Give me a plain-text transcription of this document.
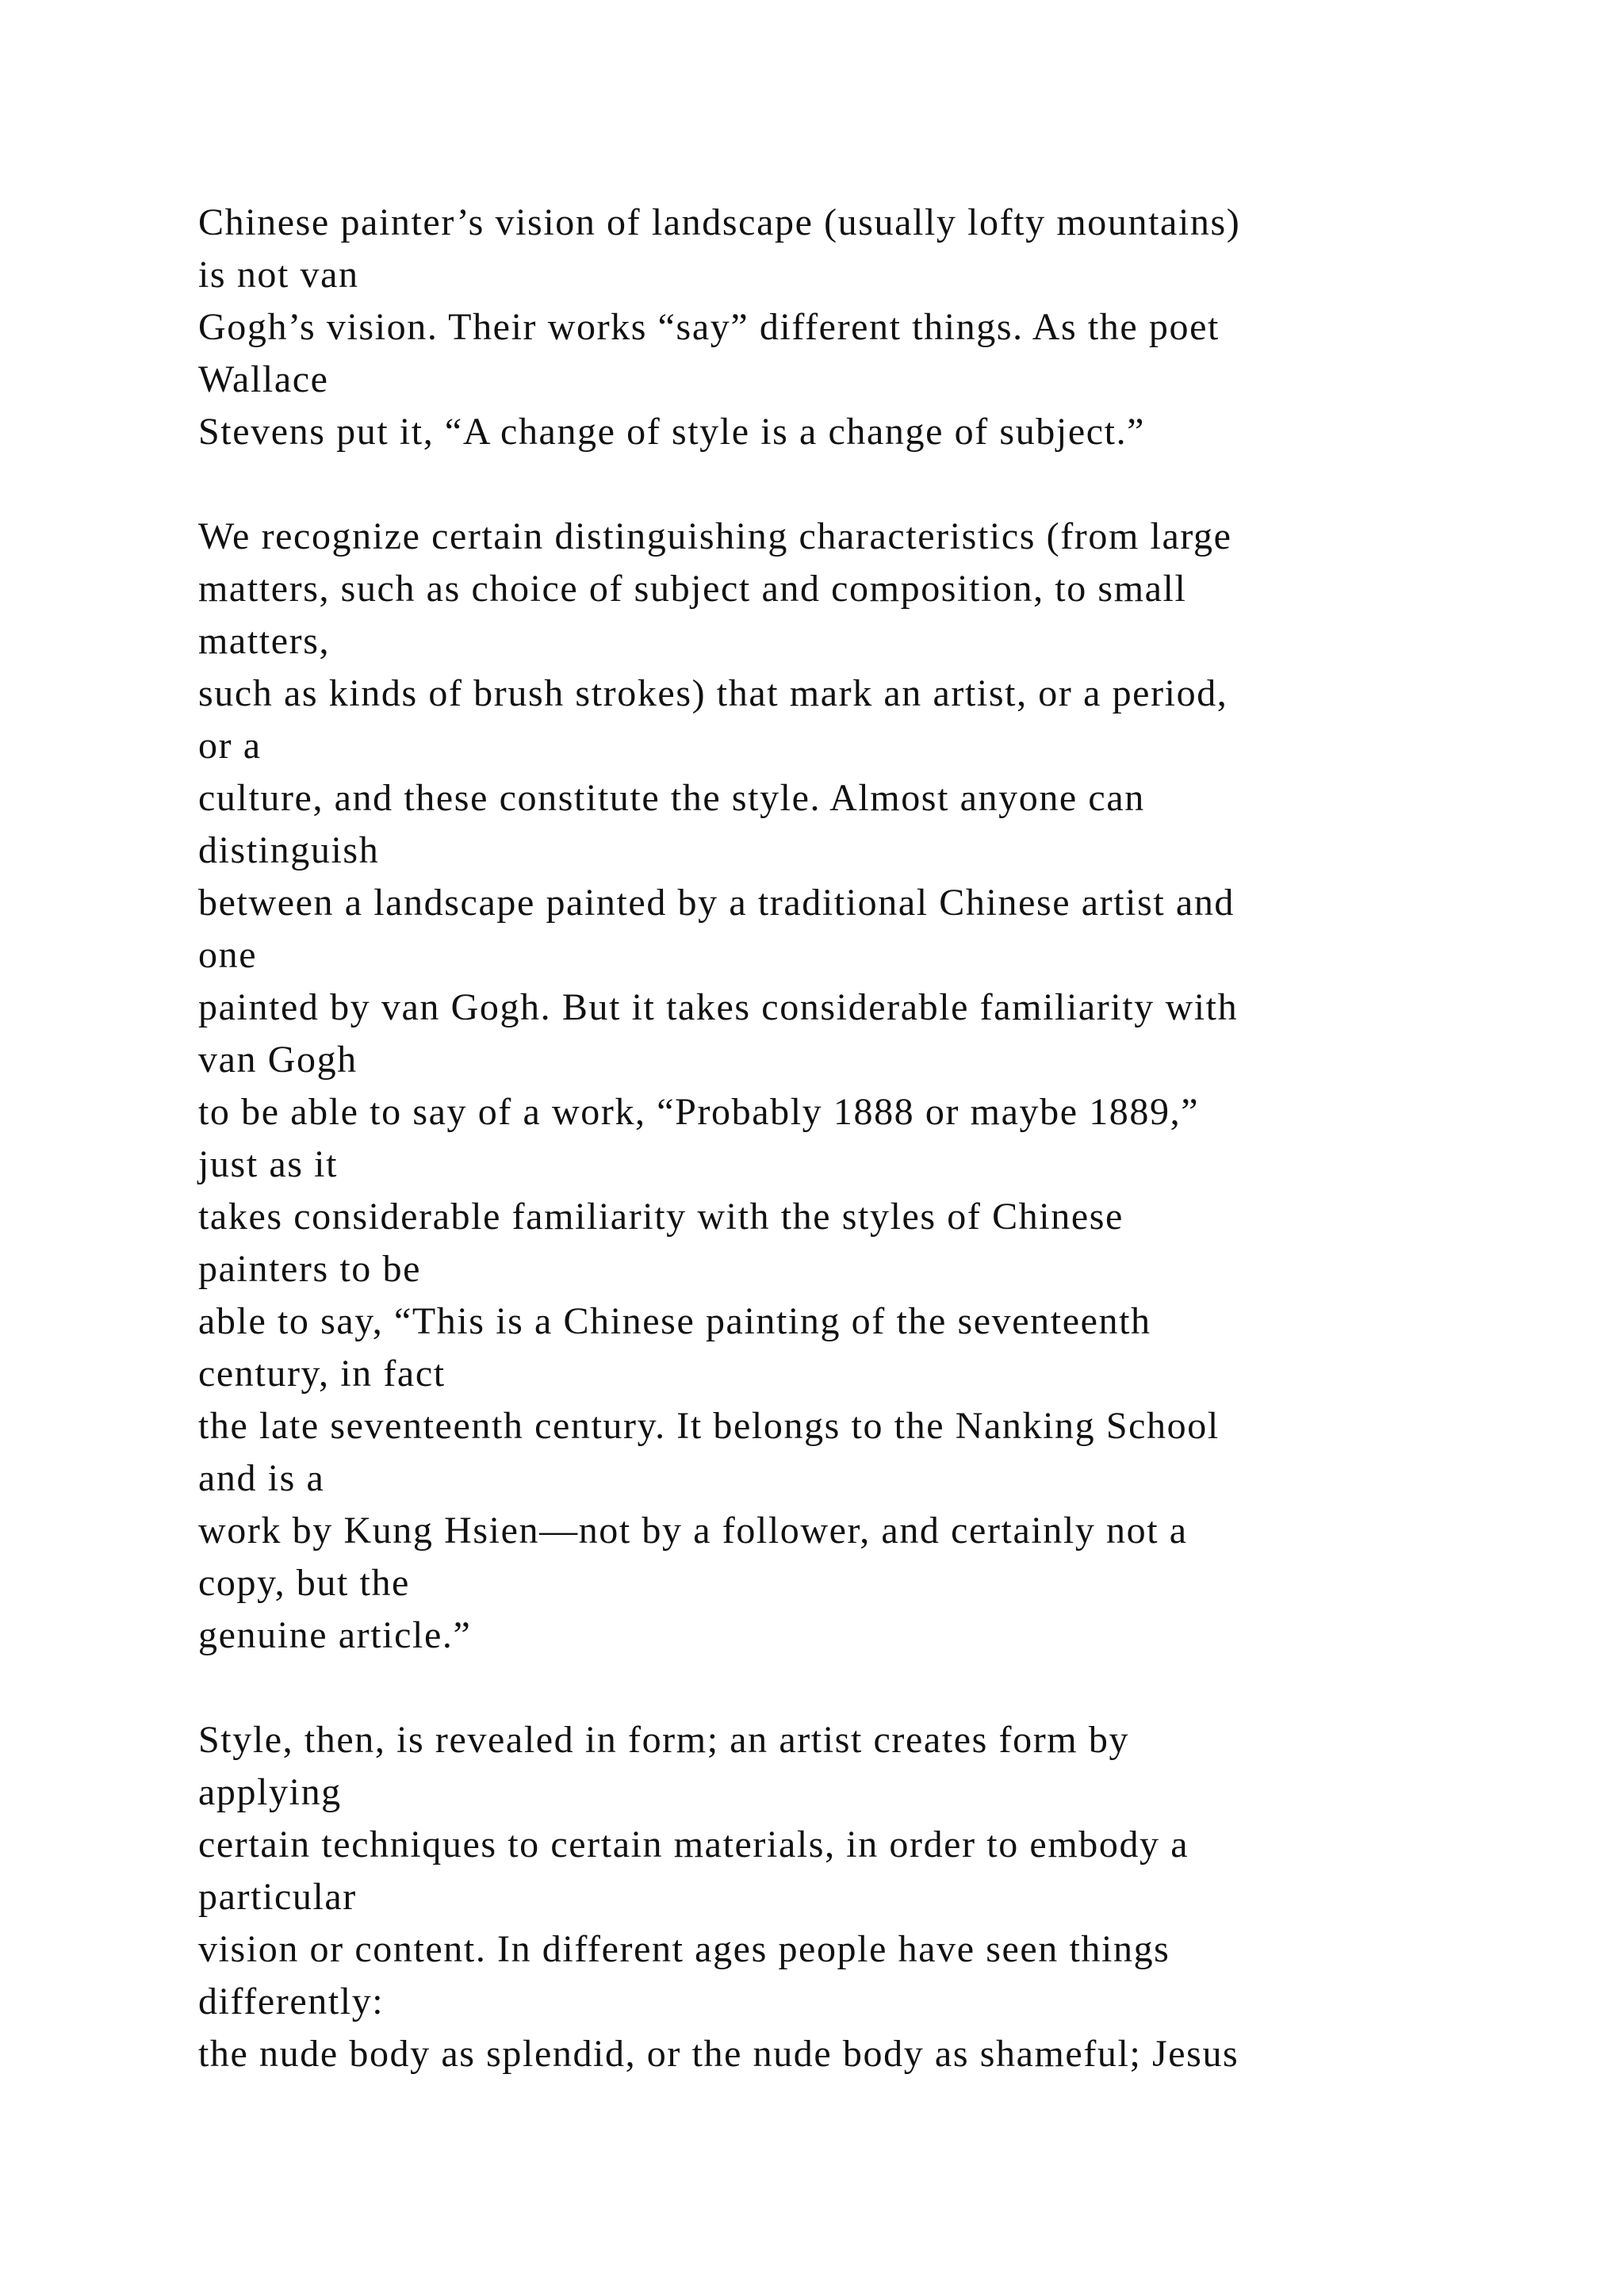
Chinese painter’s vision of landscape (usually lofty mountains)
is not van
Gogh’s vision. Their works “say” different things. As the poet
Wallace
Stevens put it, “A change of style is a change of subject.”
We recognize certain distinguishing characteristics (from large
matters, such as choice of subject and composition, to small
matters,
such as kinds of brush strokes) that mark an artist, or a period,
or a
culture, and these constitute the style. Almost anyone can
distinguish
between a landscape painted by a traditional Chinese artist and
one
painted by van Gogh. But it takes considerable familiarity with
van Gogh
to be able to say of a work, “Probably 1888 or maybe 1889,”
just as it
takes considerable familiarity with the styles of Chinese
painters to be
able to say, “This is a Chinese painting of the seventeenth
century, in fact
the late seventeenth century. It belongs to the Nanking School
and is a
work by Kung Hsien—not by a follower, and certainly not a
copy, but the
genuine article.”
Style, then, is revealed in form; an artist creates form by
applying
certain techniques to certain materials, in order to embody a
particular
vision or content. In different ages people have seen things
differently:
the nude body as splendid, or the nude body as shameful; Jesus
